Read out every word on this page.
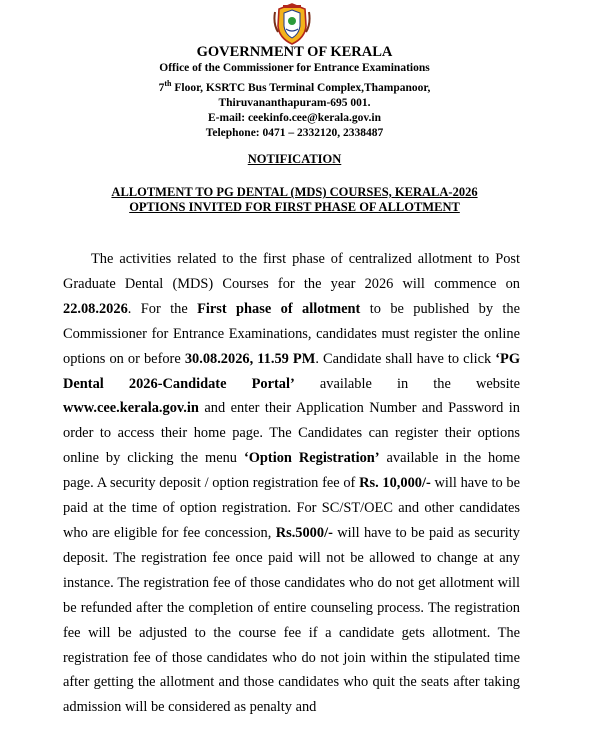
GOVERNMENT OF KERALA
Office of the Commissioner for Entrance Examinations
7th Floor, KSRTC Bus Terminal Complex,Thampanoor,
Thiruvananthapuram-695 001.
E-mail: ceekinfo.cee@kerala.gov.in
Telephone: 0471 – 2332120, 2338487
NOTIFICATION
ALLOTMENT TO PG DENTAL (MDS) COURSES, KERALA-2026
OPTIONS INVITED FOR FIRST PHASE OF ALLOTMENT
The activities related to the first phase of centralized allotment to Post Graduate Dental (MDS) Courses for the year 2026 will commence on 22.08.2026. For the First phase of allotment to be published by the Commissioner for Entrance Examinations, candidates must register the online options on or before 30.08.2026, 11.59 PM. Candidate shall have to click ‘PG Dental 2026-Candidate Portal’ available in the website www.cee.kerala.gov.in and enter their Application Number and Password in order to access their home page. The Candidates can register their options online by clicking the menu ‘Option Registration’ available in the home page. A security deposit / option registration fee of Rs. 10,000/- will have to be paid at the time of option registration. For SC/ST/OEC and other candidates who are eligible for fee concession, Rs.5000/- will have to be paid as security deposit. The registration fee once paid will not be allowed to change at any instance. The registration fee of those candidates who do not get allotment will be refunded after the completion of entire counseling process. The registration fee will be adjusted to the course fee if a candidate gets allotment. The registration fee of those candidates who do not join within the stipulated time after getting the allotment and those candidates who quit the seats after taking admission will be considered as penalty and
